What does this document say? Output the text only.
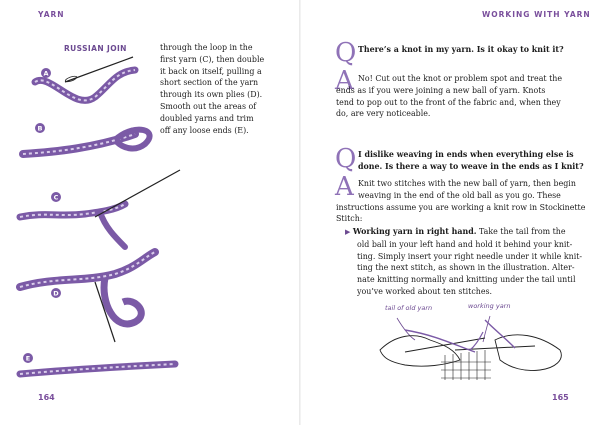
YARN
RUSSIAN JOIN
A
B
C
D
E
through the loop in the
first yarn (C), then double
it back on itself, pulling a
short section of the yarn
through its own plies (D).
Smooth out the areas of
doubled yarns and trim
off any loose ends (E).
164
WORKING WITH YARN
Q There’s a knot in my yarn. Is it okay to knit it?
A No! Cut out the knot or problem spot and treat the
ends as if you were joining a new ball of yarn. Knots
tend to pop out to the front of the fabric and, when they
do, are very noticeable.
Q I dislike weaving in ends when everything else is
done. Is there a way to weave in the ends as I knit?
A Knit two stitches with the new ball of yarn, then begin
weaving in the end of the old ball as you go. These
instructions assume you are working a knit row in Stockinette
Stitch:
▶ Working yarn in right hand. Take the tail from the
old ball in your left hand and hold it behind your knit-
ting. Simply insert your right needle under it while knit-
ting the next stitch, as shown in the illustration. Alter-
nate knitting normally and knitting under the tail until
you’ve worked about ten stitches.
tail of old yarn	working yarn
165
